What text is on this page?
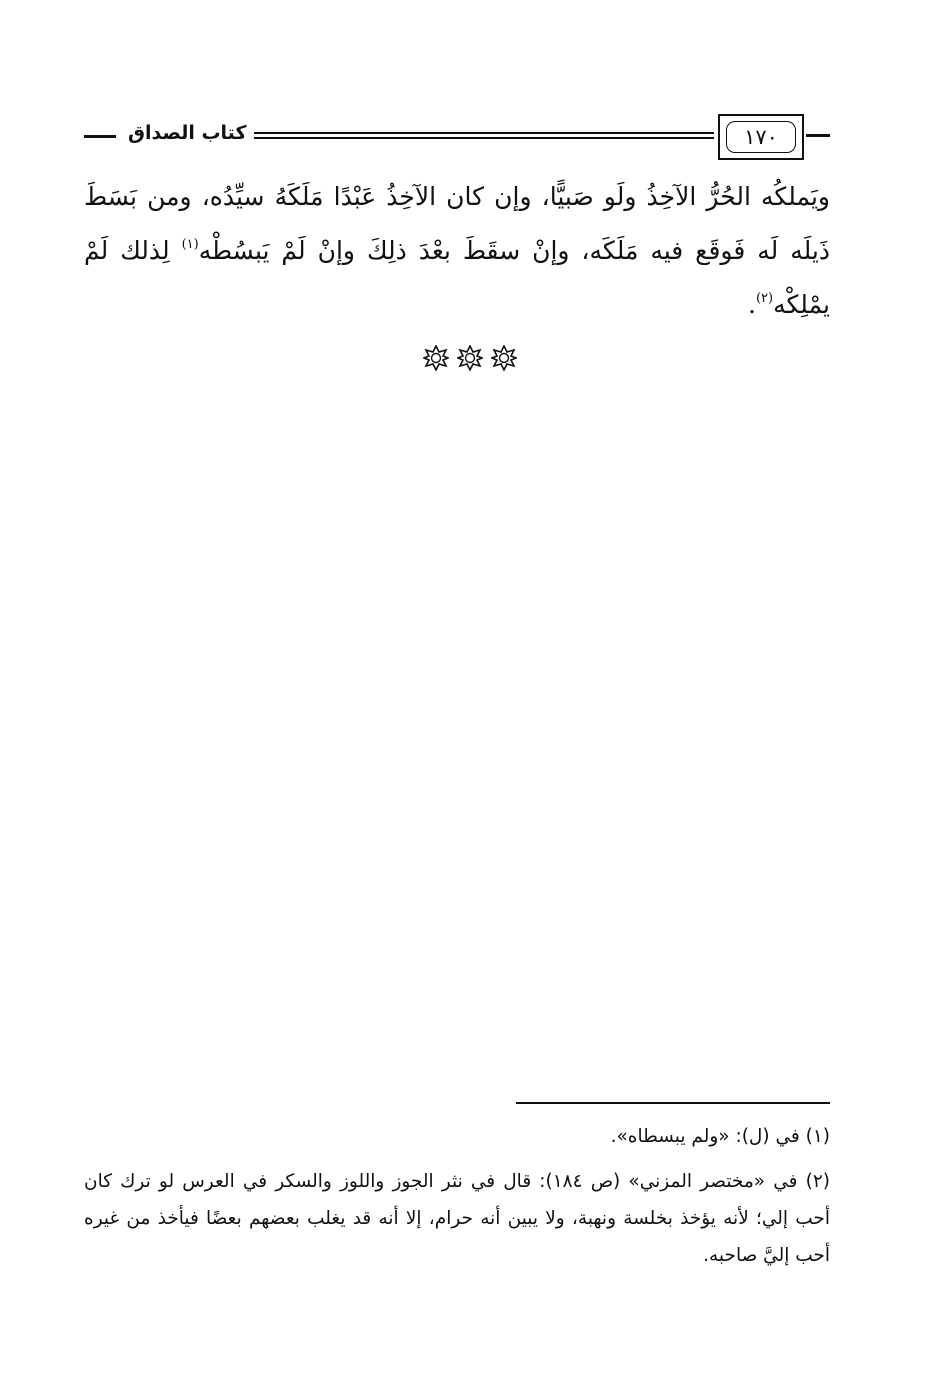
كتاب الصداق	١٧٠
ويَملكُه الحُرُّ الآخِذُ ولَو صَبيًّا، وإن كان الآخِذُ عَبْدًا مَلَكَهُ سيِّدُه، ومن بَسَطَ ذَيلَه لَه فَوقَع فيه مَلَكَه، وإنْ سقَطَ بعْدَ ذلِكَ وإنْ لَمْ يَبسُطْه$^{(١)}$ لِذلك لَمْ يمْلِكْه$^{(٢)}$.

(١) في (ل): «ولم يبسطاه».

(٢) في «مختصر المزني» (ص ١٨٤): قال في نثر الجوز واللوز والسكر في العرس لو ترك كان أحب إلي؛ لأنه يؤخذ بخلسة ونهبة، ولا يبين أنه حرام، إلا أنه قد يغلب بعضهم بعضًا فيأخذ من غيره أحب إليَّ صاحبه.
